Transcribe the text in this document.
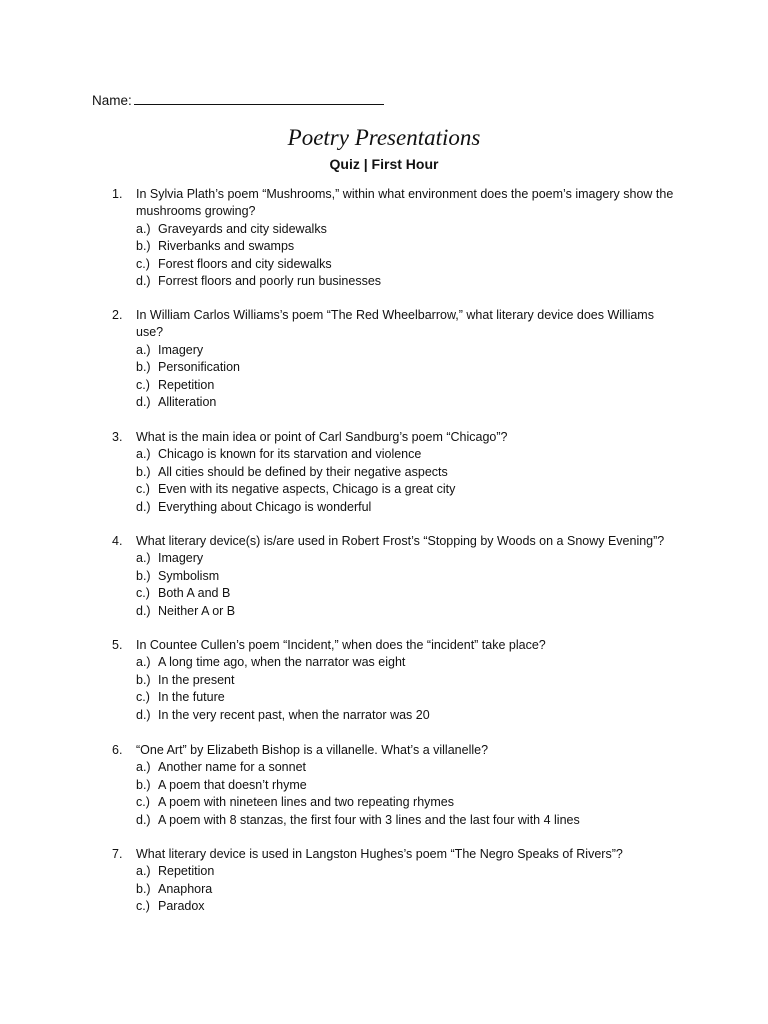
Name:
Poetry Presentations
Quiz | First Hour
1. In Sylvia Plath’s poem “Mushrooms,” within what environment does the poem’s imagery show the mushrooms growing?
a.) Graveyards and city sidewalks
b.) Riverbanks and swamps
c.) Forest floors and city sidewalks
d.) Forrest floors and poorly run businesses
2. In William Carlos Williams’s poem “The Red Wheelbarrow,” what literary device does Williams use?
a.) Imagery
b.) Personification
c.) Repetition
d.) Alliteration
3. What is the main idea or point of Carl Sandburg’s poem “Chicago”?
a.) Chicago is known for its starvation and violence
b.) All cities should be defined by their negative aspects
c.) Even with its negative aspects, Chicago is a great city
d.) Everything about Chicago is wonderful
4. What literary device(s) is/are used in Robert Frost’s “Stopping by Woods on a Snowy Evening”?
a.) Imagery
b.) Symbolism
c.) Both A and B
d.) Neither A or B
5. In Countee Cullen’s poem “Incident,” when does the “incident” take place?
a.) A long time ago, when the narrator was eight
b.) In the present
c.) In the future
d.) In the very recent past, when the narrator was 20
6. “One Art” by Elizabeth Bishop is a villanelle. What’s a villanelle?
a.) Another name for a sonnet
b.) A poem that doesn’t rhyme
c.) A poem with nineteen lines and two repeating rhymes
d.) A poem with 8 stanzas, the first four with 3 lines and the last four with 4 lines
7. What literary device is used in Langston Hughes’s poem “The Negro Speaks of Rivers”?
a.) Repetition
b.) Anaphora
c.) Paradox
